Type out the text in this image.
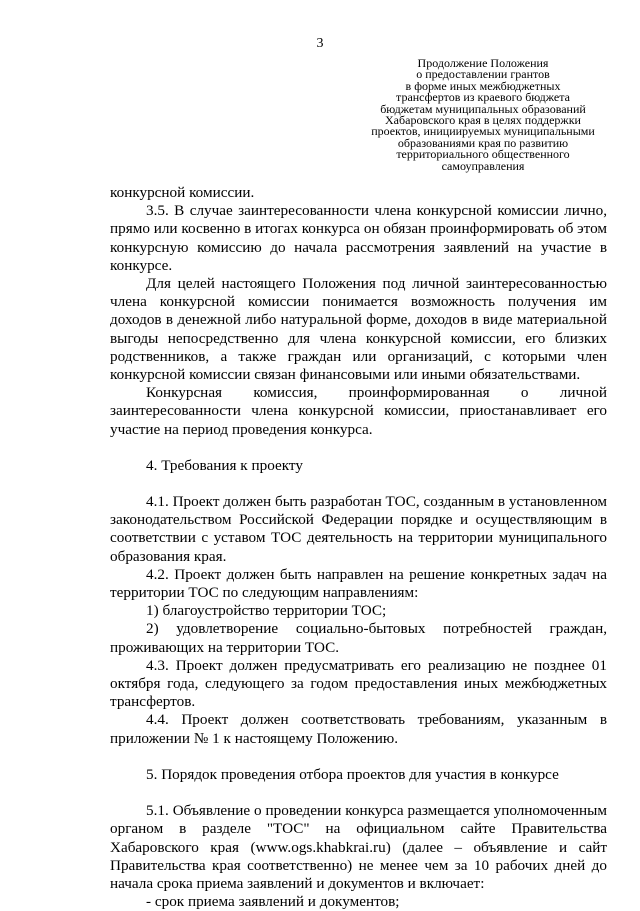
3
Продолжение Положения
о предоставлении грантов
в форме иных межбюджетных
трансфертов из краевого бюджета
бюджетам муниципальных образований
Хабаровского края в целях поддержки
проектов, инициируемых муниципальными
образованиями края по развитию
территориального общественного
самоуправления

конкурсной комиссии.

3.5. В случае заинтересованности члена конкурсной комиссии лично, прямо или косвенно в итогах конкурса он обязан проинформировать об этом конкурсную комиссию до начала рассмотрения заявлений на участие в конкурсе.

Для целей настоящего Положения под личной заинтересованностью члена конкурсной комиссии понимается возможность получения им доходов в денежной либо натуральной форме, доходов в виде материальной выгоды непосредственно для члена конкурсной комиссии, его близких родственников, а также граждан или организаций, с которыми член конкурсной комиссии связан финансовыми или иными обязательствами.

Конкурсная комиссия, проинформированная о личной заинтересованности члена конкурсной комиссии, приостанавливает его участие на период проведения конкурса.

4. Требования к проекту

4.1. Проект должен быть разработан ТОС, созданным в установленном законодательством Российской Федерации порядке и осуществляющим в соответствии с уставом ТОС деятельность на территории муниципального образования края.

4.2. Проект должен быть направлен на решение конкретных задач на территории ТОС по следующим направлениям:

1) благоустройство территории ТОС;

2) удовлетворение социально-бытовых потребностей граждан, проживающих на территории ТОС.

4.3. Проект должен предусматривать его реализацию не позднее 01 октября года, следующего за годом предоставления иных межбюджетных трансфертов.

4.4. Проект должен соответствовать требованиям, указанным в приложении № 1 к настоящему Положению.

5. Порядок проведения отбора проектов для участия в конкурсе

5.1. Объявление о проведении конкурса размещается уполномоченным органом в разделе "ТОС" на официальном сайте Правительства Хабаровского края (www.ogs.khabkrai.ru) (далее – объявление и сайт Правительства края соответственно) не менее чем за 10 рабочих дней до начала срока приема заявлений и документов и включает:

- срок приема заявлений и документов;
